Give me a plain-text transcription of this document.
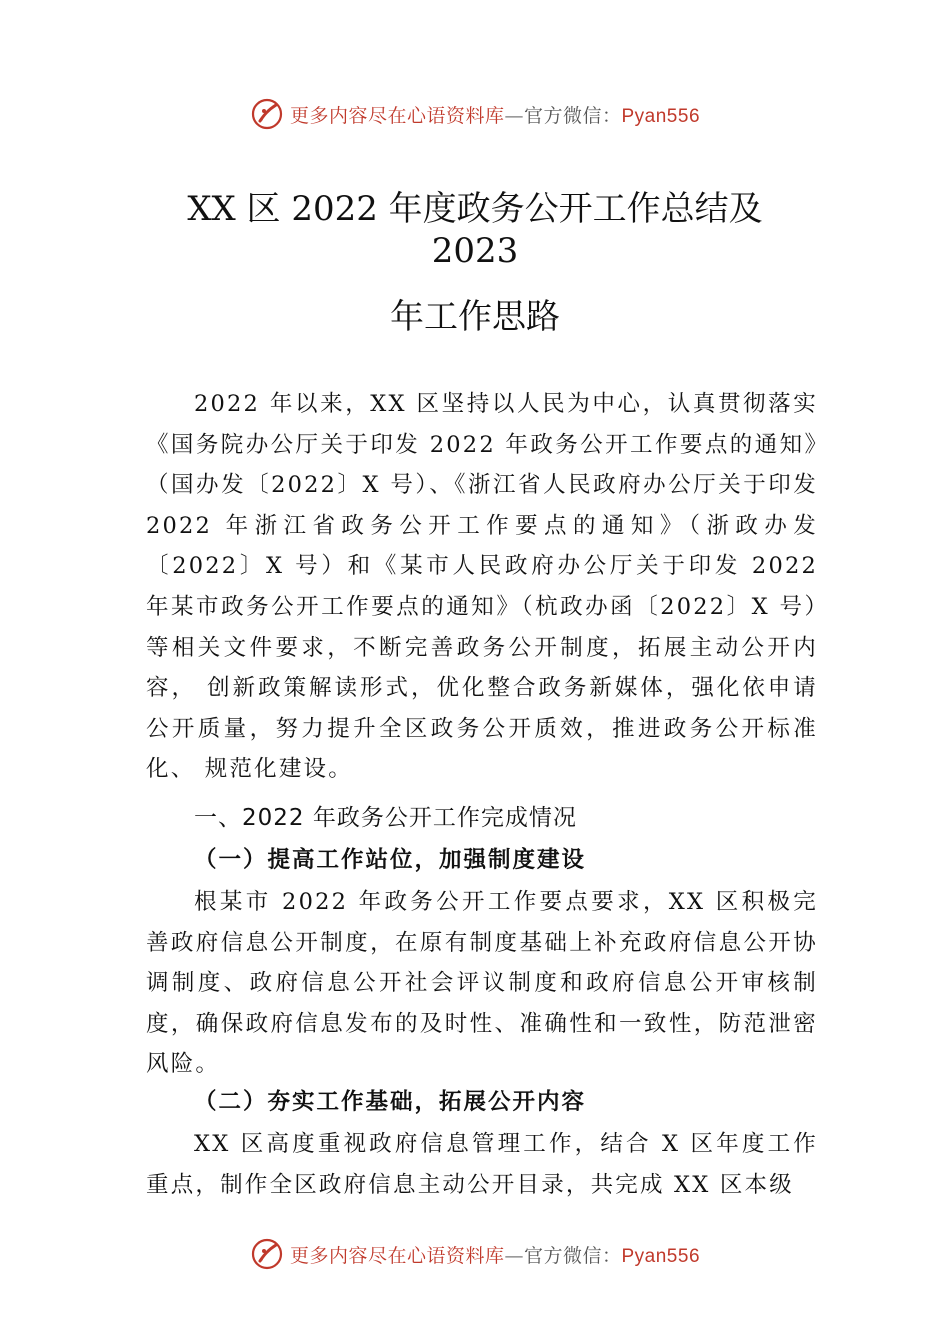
更多内容尽在心语资料库—官方微信：Pyan556
XX 区 2022 年度政务公开工作总结及
2023
年工作思路

2022 年以来，XX 区坚持以人民为中心，认真贯彻落实《国务院办公厅关于印发 2022 年政务公开工作要点的通知》（国办发〔2022〕X 号）、《浙江省人民政府办公厅关于印发 2022 年浙江省政务公开工作要点的通知》（浙政办发〔2022〕X 号）和《某市人民政府办公厅关于印发 2022 年某市政务公开工作要点的通知》（杭政办函〔2022〕X 号）等相关文件要求，不断完善政务公开制度，拓展主动公开内容， 创新政策解读形式，优化整合政务新媒体，强化依申请公开质量，努力提升全区政务公开质效，推进政务公开标准化、 规范化建设。

一、2022 年政务公开工作完成情况
（一）提高工作站位，加强制度建设

根某市 2022 年政务公开工作要点要求，XX 区积极完善政府信息公开制度，在原有制度基础上补充政府信息公开协调制度、政府信息公开社会评议制度和政府信息公开审核制度，确保政府信息发布的及时性、准确性和一致性，防范泄密风险。

（二）夯实工作基础，拓展公开内容

XX 区高度重视政府信息管理工作，结合 X 区年度工作重点，制作全区政府信息主动公开目录，共完成 XX 区本级

更多内容尽在心语资料库—官方微信：Pyan556
